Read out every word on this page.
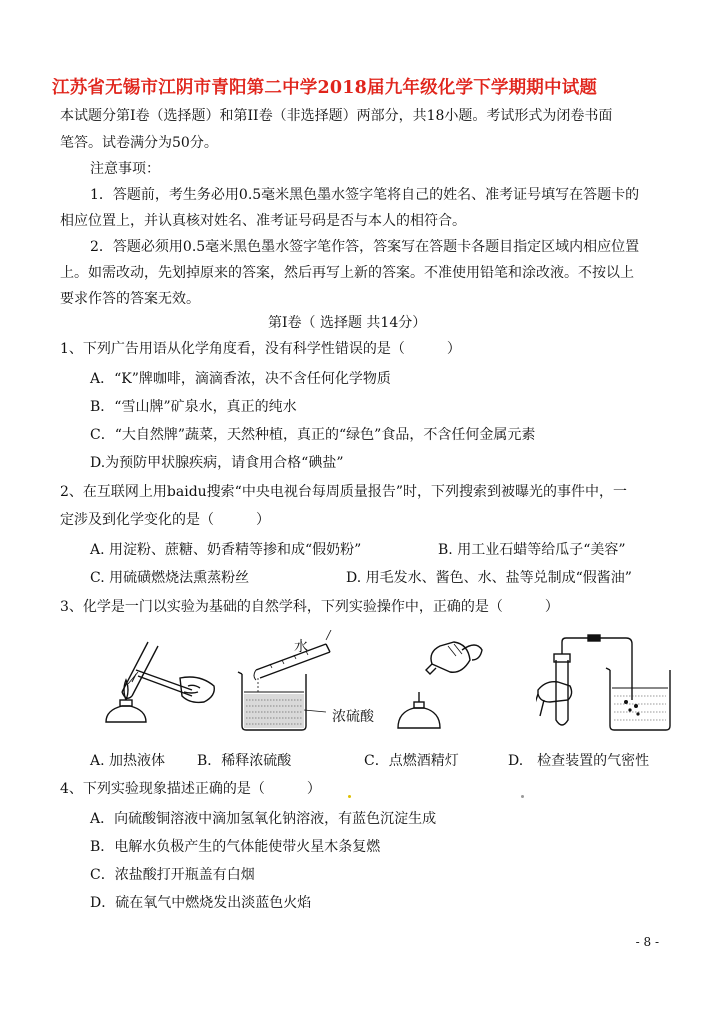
江苏省无锡市江阴市青阳第二中学2018届九年级化学下学期期中试题
本试题分第Ⅰ卷（选择题）和第II卷（非选择题）两部分，共18小题。考试形式为闭卷书面
笔答。试卷满分为50分。
注意事项：
1．答题前，考生务必用0.5毫米黑色墨水签字笔将自己的姓名、准考证号填写在答题卡的
相应位置上，并认真核对姓名、准考证号码是否与本人的相符合。
2．答题必须用0.5毫米黑色墨水签字笔作答，答案写在答题卡各题目指定区域内相应位置
上。如需改动，先划掉原来的答案，然后再写上新的答案。不准使用铅笔和涂改液。不按以上
要求作答的答案无效。
第Ⅰ卷（ 选择题 共14分）
1、下列广告用语从化学角度看，没有科学性错误的是（　　　）
A．“K”牌咖啡，滴滴香浓，决不含任何化学物质
B．“雪山牌”矿泉水，真正的纯水
C．“大自然牌”蔬菜，天然种植，真正的“绿色”食品，不含任何金属元素
D.为预防甲状腺疾病，请食用合格“碘盐”
2、在互联网上用baidu搜索“中央电视台每周质量报告”时，下列搜索到被曝光的事件中，一
定涉及到化学变化的是（　　　）
A. 用淀粉、蔗糖、奶香精等掺和成“假奶粉”	B. 用工业石蜡等给瓜子“美容”
C. 用硫磺燃烧法熏蒸粉丝	D. 用毛发水、酱色、水、盐等兑制成“假酱油”
3、化学是一门以实验为基础的自然学科，下列实验操作中，正确的是（　　　）
水
浓硫酸
A. 加热液体 B．稀释浓硫酸	C．点燃酒精灯	D.　检查装置的气密性
4、下列实验现象描述正确的是（　　　）
A．向硫酸铜溶液中滴加氢氧化钠溶液，有蓝色沉淀生成
B．电解水负极产生的气体能使带火星木条复燃
C．浓盐酸打开瓶盖有白烟
D．硫在氧气中燃烧发出淡蓝色火焰
- 8 -
